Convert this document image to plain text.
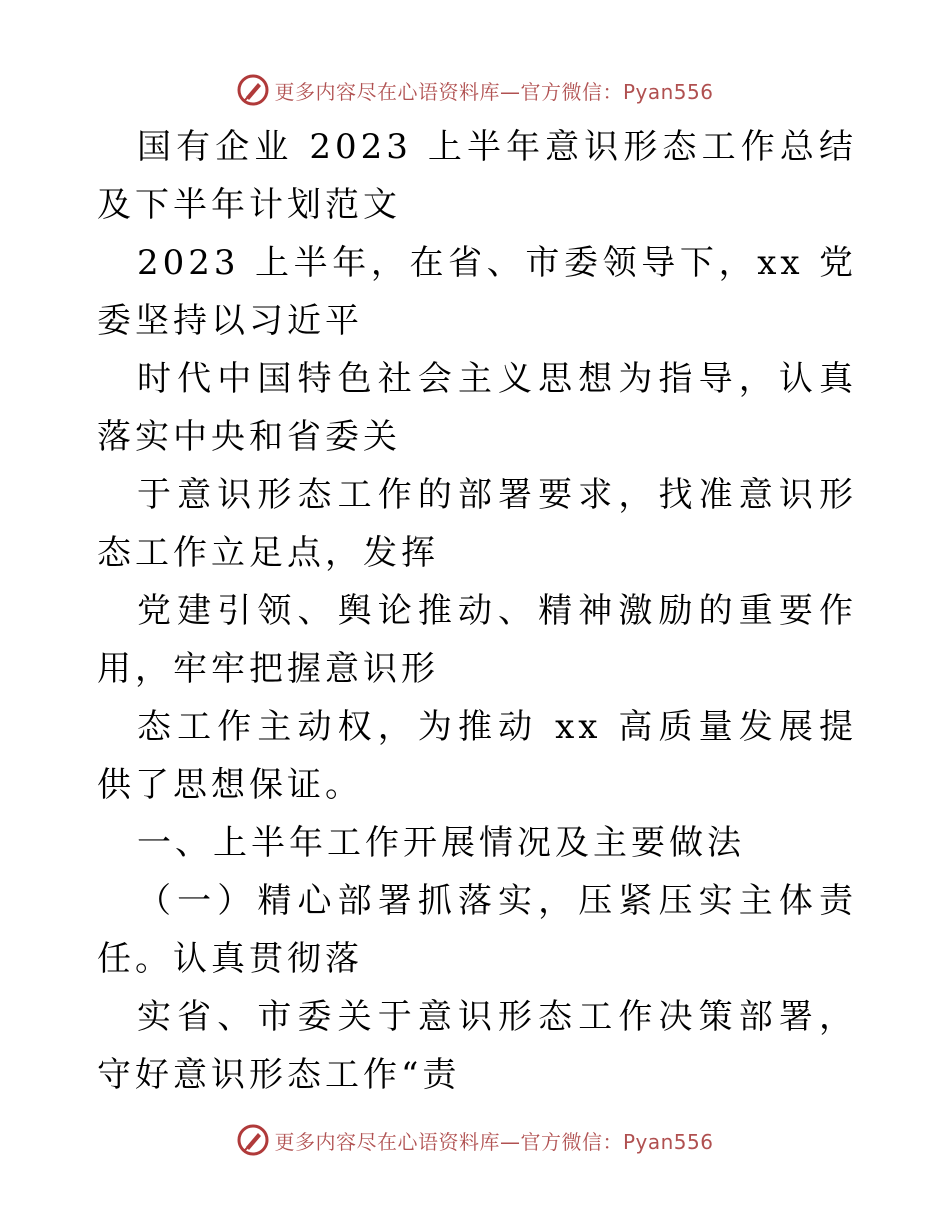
更多内容尽在心语资料库—官方微信：Pyan556

国有企业 2023 上半年意识形态工作总结及下半年计划范文

2023 上半年，在省、市委领导下，xx 党委坚持以习近平

时代中国特色社会主义思想为指导，认真落实中央和省委关

于意识形态工作的部署要求，找准意识形态工作立足点，发挥

党建引领、舆论推动、精神激励的重要作用，牢牢把握意识形

态工作主动权，为推动 xx 高质量发展提供了思想保证。

一、上半年工作开展情况及主要做法

（一）精心部署抓落实，压紧压实主体责任。认真贯彻落

实省、市委关于意识形态工作决策部署，守好意识形态工作“责

更多内容尽在心语资料库—官方微信：Pyan556
